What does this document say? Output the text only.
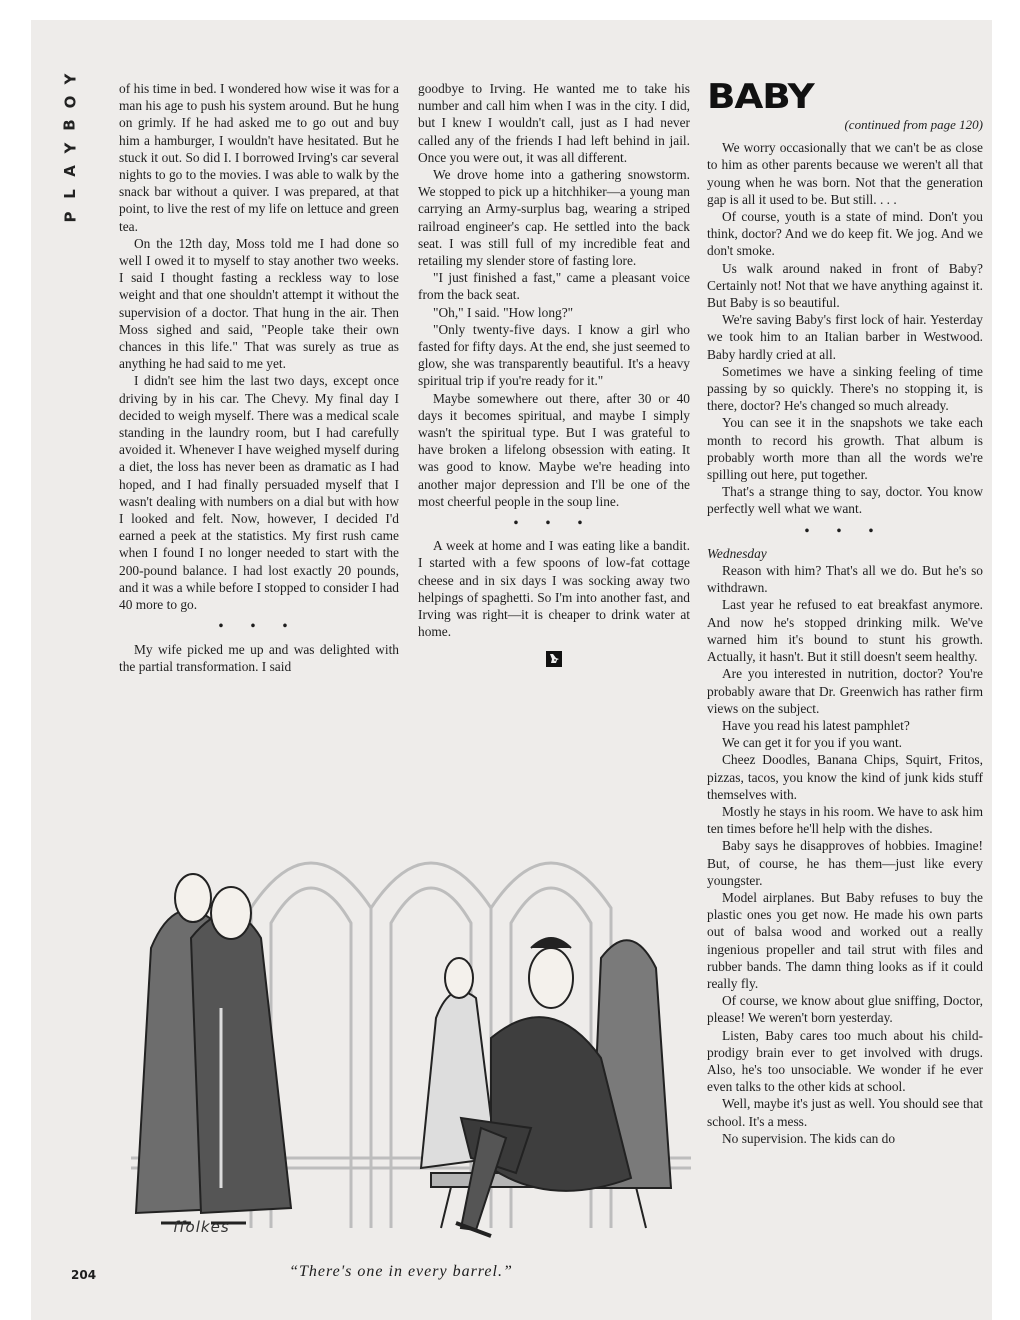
Y
O
B
Y
A
L
P

of his time in bed. I wondered how wise it was for a man his age to push his system around. But he hung on grimly. If he had asked me to go out and buy him a hamburger, I wouldn't have hesitated. But he stuck it out. So did I. I borrowed Irving's car several nights to go to the movies. I was able to walk by the snack bar without a quiver. I was prepared, at that point, to live the rest of my life on lettuce and green tea.

On the 12th day, Moss told me I had done so well I owed it to myself to stay another two weeks. I said I thought fasting a reckless way to lose weight and that one shouldn't attempt it without the supervision of a doctor. That hung in the air. Then Moss sighed and said, "People take their own chances in this life." That was surely as true as anything he had said to me yet.

I didn't see him the last two days, except once driving by in his car. The Chevy. My final day I decided to weigh myself. There was a medical scale standing in the laundry room, but I had carefully avoided it. Whenever I have weighed myself during a diet, the loss has never been as dramatic as I had hoped, and I had finally persuaded myself that I wasn't dealing with numbers on a dial but with how I looked and felt. Now, however, I decided I'd earned a peek at the statistics. My first rush came when I found I no longer needed to start with the 200-pound balance. I had lost exactly 20 pounds, and it was a while before I stopped to consider I had 40 more to go.

• • •

My wife picked me up and was delighted with the partial transformation. I said

goodbye to Irving. He wanted me to take his number and call him when I was in the city. I did, but I knew I wouldn't call, just as I had never called any of the friends I had left behind in jail. Once you were out, it was all different.

We drove home into a gathering snowstorm. We stopped to pick up a hitchhiker—a young man carrying an Army-surplus bag, wearing a striped railroad engineer's cap. He settled into the back seat. I was still full of my incredible feat and retailing my slender store of fasting lore.

"I just finished a fast," came a pleasant voice from the back seat.

"Oh," I said. "How long?"

"Only twenty-five days. I know a girl who fasted for fifty days. At the end, she just seemed to glow, she was transparently beautiful. It's a heavy spiritual trip if you're ready for it."

Maybe somewhere out there, after 30 or 40 days it becomes spiritual, and maybe I simply wasn't the spiritual type. But I was grateful to have broken a lifelong obsession with eating. It was good to know. Maybe we're heading into another major depression and I'll be one of the most cheerful people in the soup line.

• • •

A week at home and I was eating like a bandit. I started with a few spoons of low-fat cottage cheese and in six days I was socking away two helpings of spaghetti. So I'm into another fast, and Irving was right—it is cheaper to drink water at home.

BABY
(continued from page 120)

We worry occasionally that we can't be as close to him as other parents because we weren't all that young when he was born. Not that the generation gap is all it used to be. But still. . . .

Of course, youth is a state of mind. Don't you think, doctor? And we do keep fit. We jog. And we don't smoke.

Us walk around naked in front of Baby? Certainly not! Not that we have anything against it. But Baby is so beautiful.

We're saving Baby's first lock of hair. Yesterday we took him to an Italian barber in Westwood. Baby hardly cried at all.

Sometimes we have a sinking feeling of time passing by so quickly. There's no stopping it, is there, doctor? He's changed so much already.

You can see it in the snapshots we take each month to record his growth. That album is probably worth more than all the words we're spilling out here, put together.

That's a strange thing to say, doctor. You know perfectly well what we want.

• • •

Wednesday

Reason with him? That's all we do. But he's so withdrawn.

Last year he refused to eat breakfast anymore. And now he's stopped drinking milk. We've warned him it's bound to stunt his growth. Actually, it hasn't. But it still doesn't seem healthy.

Are you interested in nutrition, doctor? You're probably aware that Dr. Greenwich has rather firm views on the subject.

Have you read his latest pamphlet?

We can get it for you if you want.

Cheez Doodles, Banana Chips, Squirt, Fritos, pizzas, tacos, you know the kind of junk kids stuff themselves with.

Mostly he stays in his room. We have to ask him ten times before he'll help with the dishes.

Baby says he disapproves of hobbies. Imagine! But, of course, he has them—just like every youngster.

Model airplanes. But Baby refuses to buy the plastic ones you get now. He made his own parts out of balsa wood and worked out a really ingenious propeller and tail strut with files and rubber bands. The damn thing looks as if it could really fly.

Of course, we know about glue sniffing, Doctor, please! We weren't born yesterday.

Listen, Baby cares too much about his child-prodigy brain ever to get involved with drugs. Also, he's too unsociable. We wonder if he ever even talks to the other kids at school.

Well, maybe it's just as well. You should see that school. It's a mess.

No supervision. The kids can do

ffolkes
204	“There's one in every barrel.”
